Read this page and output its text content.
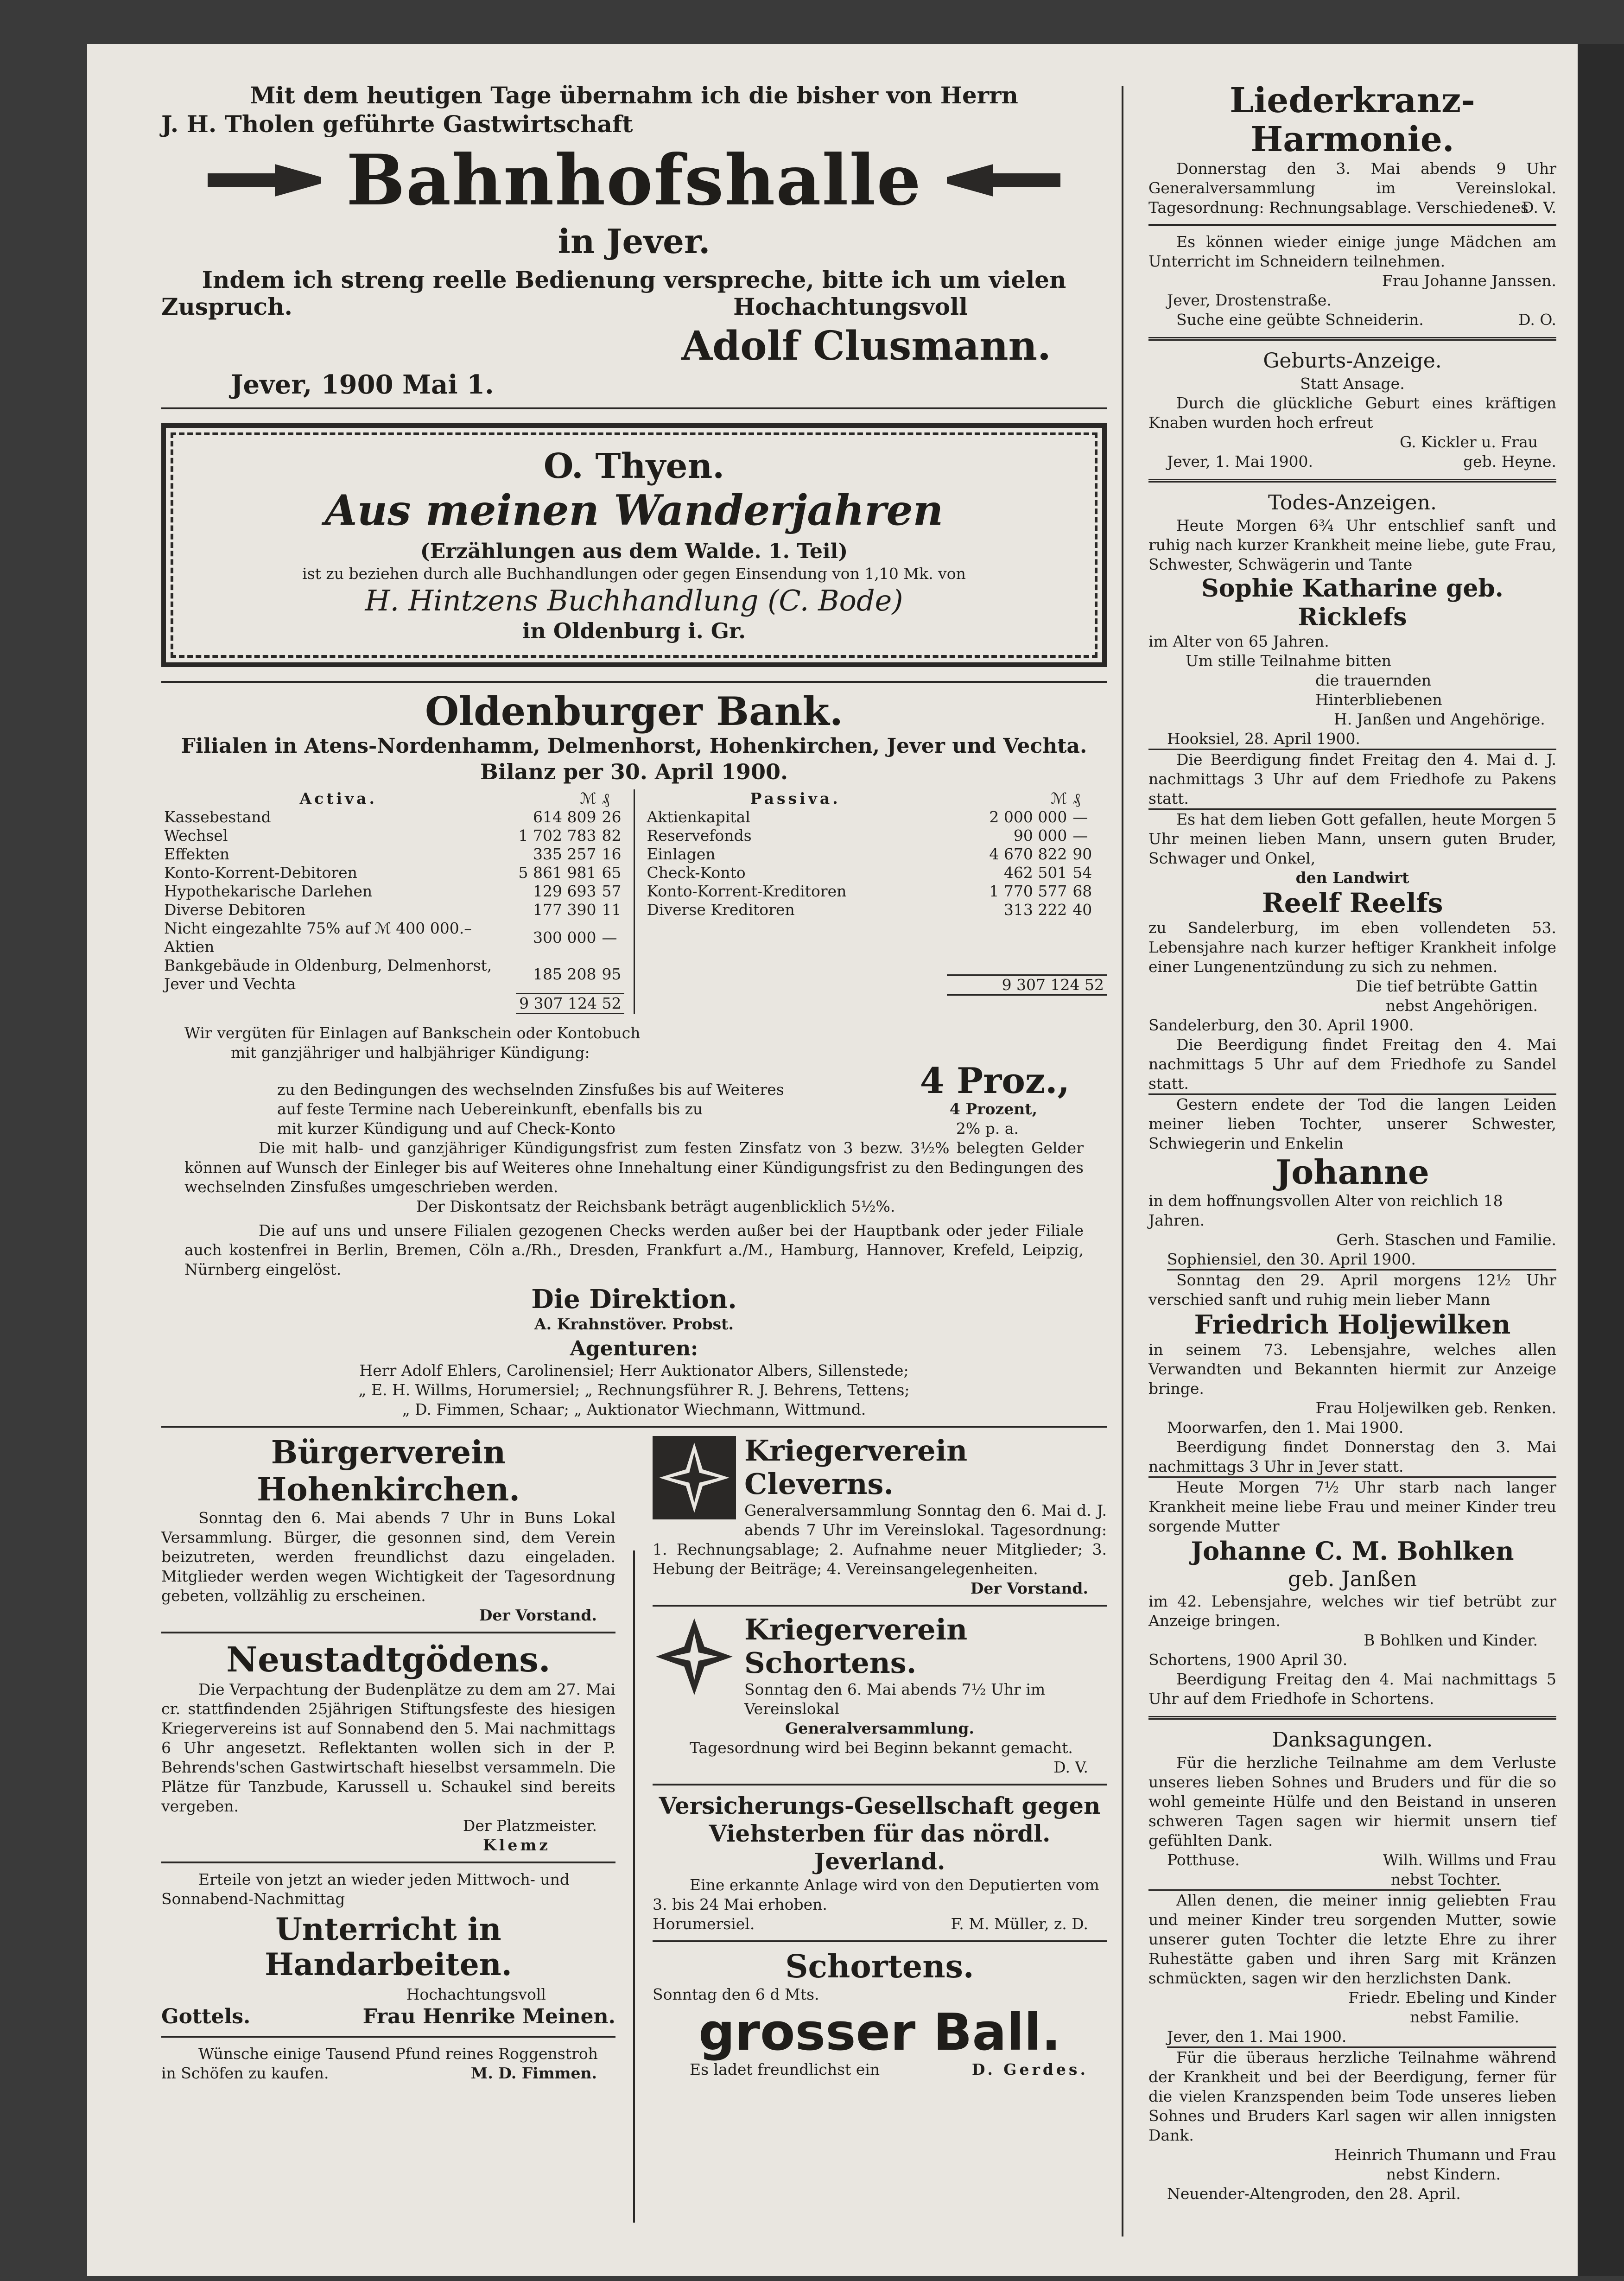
Mit dem heutigen Tage übernahm ich die bisher von Herrn

J. H. Tholen geführte Gastwirtschaft

Bahnhofshalle

in Jever.

Indem ich streng reelle Bedienung verspreche, bitte ich um vielen

Zuspruch.	Hochachtungsvoll

Adolf Clusmann.

Jever, 1900 Mai 1.

O. Thyen.

Aus meinen Wanderjahren

(Erzählungen aus dem Walde. 1. Teil)

ist zu beziehen durch alle Buchhandlungen oder gegen Einsendung von 1,10 Mk. von

H. Hintzens Buchhandlung (C. Bode)

in Oldenburg i. Gr.

Oldenburger Bank.

Filialen in Atens-Nordenhamm, Delmenhorst, Hohenkirchen, Jever und Vechta.

Bilanz per 30. April 1900.

Activa.	ℳ	₰
Kassebestand	614 809	26
Wechsel	1 702 783	82
Effekten	335 257	16
Konto-Korrent-Debitoren	5 861 981	65
Hypothekarische Darlehen	129 693	57
Diverse Debitoren	177 390	11
Nicht eingezahlte 75% auf ℳ 400 000.– Aktien	300 000	—
Bankgebäude in Oldenburg, Delmenhorst, Jever und Vechta	185 208	95
	9 307 124 52	
Passiva.	ℳ	₰
Aktienkapital	2 000 000	—
Reservefonds	90 000	—
Einlagen	4 670 822	90
Check-Konto	462 501	54
Konto-Korrent-Kreditoren	1 770 577	68
Diverse Kreditoren	313 222	40

	9 307 124 52	

Wir vergüten für Einlagen auf Bankschein oder Kontobuch

mit ganzjähriger und halbjähriger Kündigung:

zu den Bedingungen des wechselnden Zinsfußes bis auf Weiteres	4 Proz.,
auf feste Termine nach Uebereinkunft, ebenfalls bis zu	4 Prozent,
mit kurzer Kündigung und auf Check-Konto	2% p. a.

Die mit halb- und ganzjähriger Kündigungsfrist zum festen Zinsfatz von 3 bezw. 3½% belegten Gelder können auf Wunsch der Einleger bis auf Weiteres ohne Innehaltung einer Kündigungsfrist zu den Bedingungen des wechselnden Zinsfußes umgeschrieben werden.

Der Diskontsatz der Reichsbank beträgt augenblicklich 5½%.

Die auf uns und unsere Filialen gezogenen Checks werden außer bei der Hauptbank oder jeder Filiale auch kostenfrei in Berlin, Bremen, Cöln a./Rh., Dresden, Frankfurt a./M., Hamburg, Hannover, Krefeld, Leipzig, Nürnberg eingelöst.

Die Direktion.

A. Krahnstöver. Probst.

Agenturen:

Herr Adolf Ehlers, Carolinensiel; Herr Auktionator Albers, Sillenstede;

„ E. H. Willms, Horumersiel; „ Rechnungsführer R. J. Behrens, Tettens;

„ D. Fimmen, Schaar; „ Auktionator Wiechmann, Wittmund.

Bürgerverein Hohenkirchen.

Sonntag den 6. Mai abends 7 Uhr in Buns Lokal Versammlung. Bürger, die gesonnen sind, dem Verein beizutreten, werden freundlichst dazu eingeladen. Mitglieder werden wegen Wichtigkeit der Tagesordnung gebeten, vollzählig zu erscheinen.

Der Vorstand.

Neustadtgödens.

Die Verpachtung der Budenplätze zu dem am 27. Mai cr. stattfindenden 25jährigen Stiftungsfeste des hiesigen Kriegervereins ist auf Sonnabend den 5. Mai nachmittags 6 Uhr angesetzt. Reflektanten wollen sich in der P. Behrends'schen Gastwirtschaft hieselbst versammeln. Die Plätze für Tanzbude, Karussell u. Schaukel sind bereits vergeben.

Der Platzmeister.

Klemz

Erteile von jetzt an wieder jeden Mittwoch- und Sonnabend-Nachmittag

Unterricht in Handarbeiten.

Hochachtungsvoll

Gottels.	Frau Henrike Meinen.

Wünsche einige Tausend Pfund reines Roggenstroh in Schöfen zu kaufen.	M. D. Fimmen.

Kriegerverein Cleverns.

Generalversammlung Sonntag den 6. Mai d. J. abends 7 Uhr im Vereinslokal. Tagesordnung: 1. Rechnungsablage; 2. Aufnahme neuer Mitglieder; 3. Hebung der Beiträge; 4. Vereinsangelegenheiten.

Der Vorstand.

Kriegerverein Schortens.

Sonntag den 6. Mai abends 7½ Uhr im Vereinslokal

Generalversammlung.

Tagesordnung wird bei Beginn bekannt gemacht.

D. V.

Versicherungs-Gesellschaft gegen Viehsterben für das nördl. Jeverland.

Eine erkannte Anlage wird von den Deputierten vom 3. bis 24 Mai erhoben.

Horumersiel.	F. M. Müller, z. D.

Schortens.

Sonntag den 6 d Mts.

grosser Ball.

Es ladet freundlichst ein	D. Gerdes.

Liederkranz-Harmonie.

Donnerstag den 3. Mai abends 9 Uhr Generalversammlung im Vereinslokal. Tagesordnung: Rechnungsablage. Verschiedenes

D. V.

Es können wieder einige junge Mädchen am Unterricht im Schneidern teilnehmen.

Frau Johanne Janssen.

Jever, Drostenstraße.

Suche eine geübte Schneiderin.	D. O.

Geburts-Anzeige.

Statt Ansage.

Durch die glückliche Geburt eines kräftigen Knaben wurden hoch erfreut

G. Kickler u. Frau

Jever, 1. Mai 1900.	geb. Heyne.

Todes-Anzeigen.

Heute Morgen 6¾ Uhr entschlief sanft und ruhig nach kurzer Krankheit meine liebe, gute Frau, Schwester, Schwägerin und Tante

Sophie Katharine geb. Ricklefs

im Alter von 65 Jahren.

Um stille Teilnahme bitten

die trauernden Hinterbliebenen

H. Janßen und Angehörige.

Hooksiel, 28. April 1900.

Die Beerdigung findet Freitag den 4. Mai d. J. nachmittags 3 Uhr auf dem Friedhofe zu Pakens statt.

Es hat dem lieben Gott gefallen, heute Morgen 5 Uhr meinen lieben Mann, unsern guten Bruder, Schwager und Onkel,

den Landwirt

Reelf Reelfs

zu Sandelerburg, im eben vollendeten 53. Lebensjahre nach kurzer heftiger Krankheit infolge einer Lungenentzündung zu sich zu nehmen.

Die tief betrübte Gattin

nebst Angehörigen.

Sandelerburg, den 30. April 1900.

Die Beerdigung findet Freitag den 4. Mai nachmittags 5 Uhr auf dem Friedhofe zu Sandel statt.

Gestern endete der Tod die langen Leiden meiner lieben Tochter, unserer Schwester, Schwiegerin und Enkelin

Johanne

in dem hoffnungsvollen Alter von reichlich 18 Jahren.

Gerh. Staschen und Familie.

Sophiensiel, den 30. April 1900.

Sonntag den 29. April morgens 12½ Uhr verschied sanft und ruhig mein lieber Mann

Friedrich Holjewilken

in seinem 73. Lebensjahre, welches allen Verwandten und Bekannten hiermit zur Anzeige bringe.

Frau Holjewilken geb. Renken.

Moorwarfen, den 1. Mai 1900.

Beerdigung findet Donnerstag den 3. Mai nachmittags 3 Uhr in Jever statt.

Heute Morgen 7½ Uhr starb nach langer Krankheit meine liebe Frau und meiner Kinder treu sorgende Mutter

Johanne C. M. Bohlken

geb. Janßen

im 42. Lebensjahre, welches wir tief betrübt zur Anzeige bringen.

B Bohlken und Kinder.

Schortens, 1900 April 30.

Beerdigung Freitag den 4. Mai nachmittags 5 Uhr auf dem Friedhofe in Schortens.

Danksagungen.

Für die herzliche Teilnahme am dem Verluste unseres lieben Sohnes und Bruders und für die so wohl gemeinte Hülfe und den Beistand in unseren schweren Tagen sagen wir hiermit unsern tief gefühlten Dank.

Potthuse.	Wilh. Willms und Frau

nebst Tochter.

Allen denen, die meiner innig geliebten Frau und meiner Kinder treu sorgenden Mutter, sowie unserer guten Tochter die letzte Ehre zu ihrer Ruhestätte gaben und ihren Sarg mit Kränzen schmückten, sagen wir den herzlichsten Dank.

Friedr. Ebeling und Kinder

nebst Familie.

Jever, den 1. Mai 1900.

Für die überaus herzliche Teilnahme während der Krankheit und bei der Beerdigung, ferner für die vielen Kranzspenden beim Tode unseres lieben Sohnes und Bruders Karl sagen wir allen innigsten Dank.

Heinrich Thumann und Frau

nebst Kindern.

Neuender-Altengroden, den 28. April.
